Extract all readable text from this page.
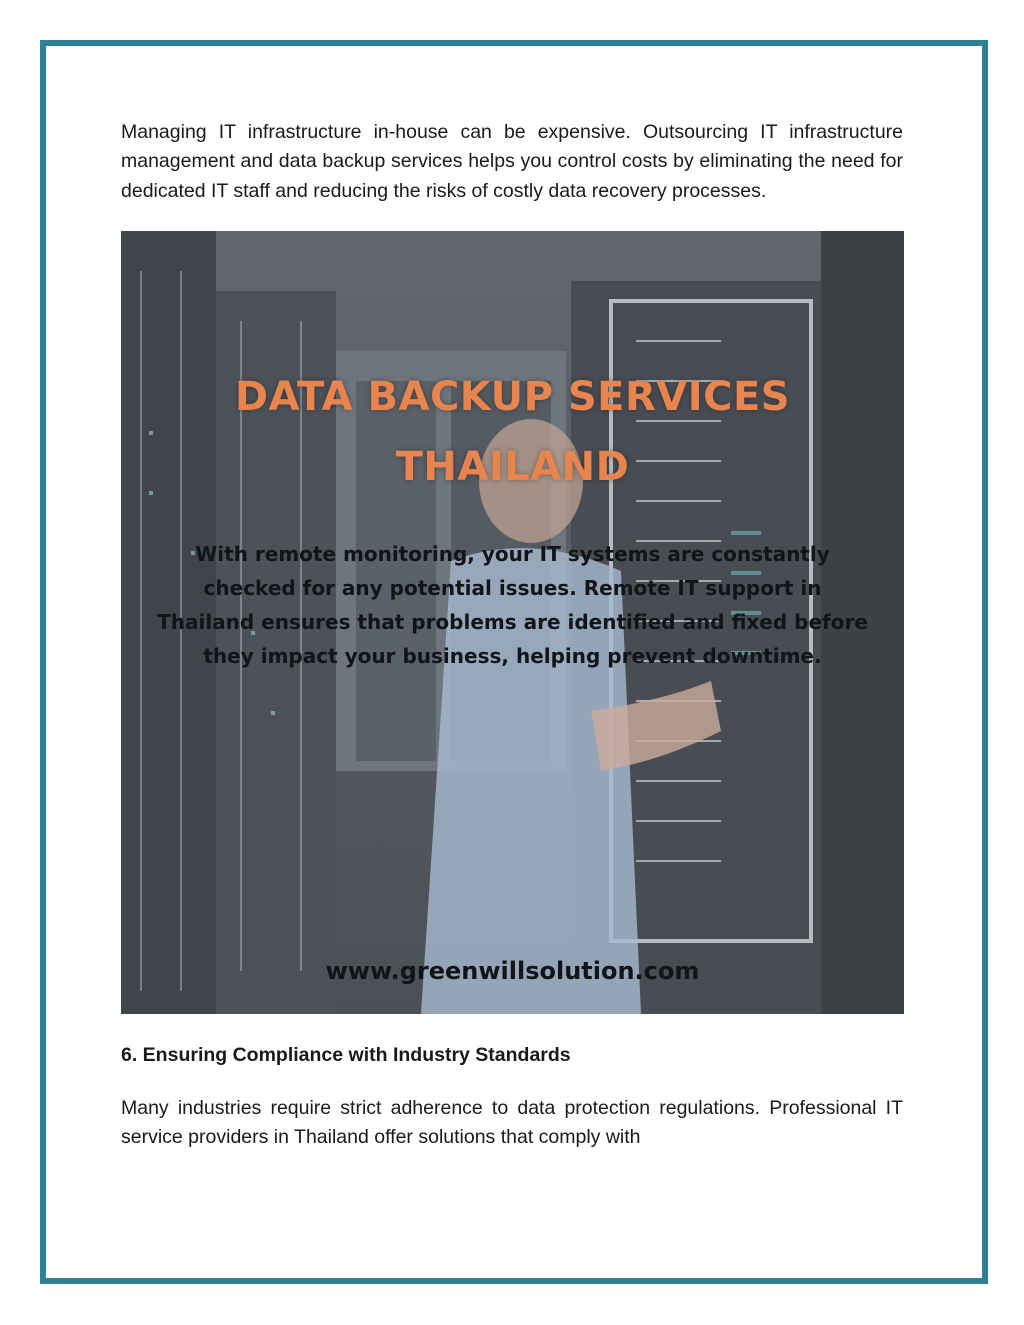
Managing IT infrastructure in-house can be expensive. Outsourcing IT infrastructure management and data backup services helps you control costs by eliminating the need for dedicated IT staff and reducing the risks of costly data recovery processes.

DATA BACKUP SERVICES
THAILAND
With remote monitoring, your IT systems are constantly
checked for any potential issues. Remote IT support in
Thailand ensures that problems are identified and fixed before
they impact your business, helping prevent downtime.
www.greenwillsolution.com
6. Ensuring Compliance with Industry Standards

Many industries require strict adherence to data protection regulations. Professional IT service providers in Thailand offer solutions that comply with
